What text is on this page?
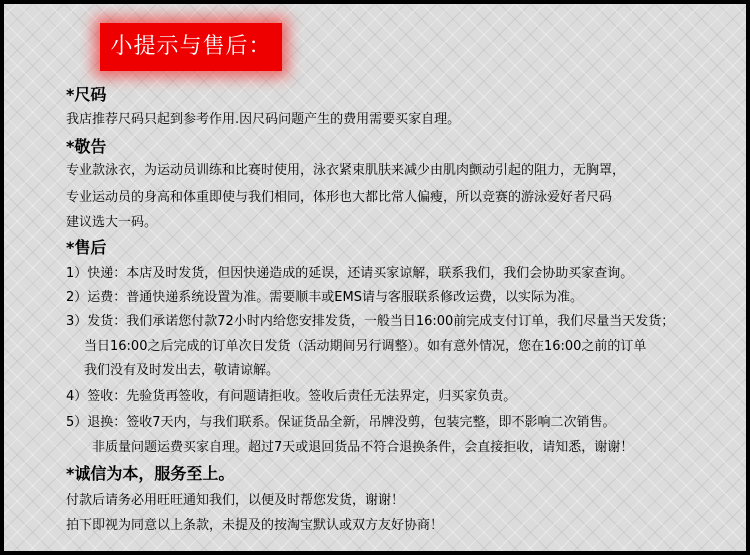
小提示与售后：
*尺码
我店推荐尺码只起到参考作用.因尺码问题产生的费用需要买家自理。
*敬告
专业款泳衣，为运动员训练和比赛时使用，泳衣紧束肌肤来减少由肌肉颤动引起的阻力，无胸罩，
专业运动员的身高和体重即使与我们相同，体形也大都比常人偏瘦，所以竞赛的游泳爱好者尺码
建议选大一码。
*售后
1）快递：本店及时发货，但因快递造成的延误，还请买家谅解，联系我们，我们会协助买家查询。
2）运费：普通快递系统设置为准。需要顺丰或EMS请与客服联系修改运费，以实际为准。
3）发货：我们承诺您付款72小时内给您安排发货，一般当日16:00前完成支付订单，我们尽量当天发货；
当日16:00之后完成的订单次日发货（活动期间另行调整）。如有意外情况，您在16:00之前的订单
我们没有及时发出去，敬请谅解。
4）签收：先验货再签收，有问题请拒收。签收后责任无法界定，归买家负责。
5）退换：签收7天内，与我们联系。保证货品全新，吊牌没剪，包装完整，即不影响二次销售。
非质量问题运费买家自理。超过7天或退回货品不符合退换条件，会直接拒收，请知悉，谢谢！
*诚信为本，服务至上。
付款后请务必用旺旺通知我们，以便及时帮您发货，谢谢！
拍下即视为同意以上条款，未提及的按淘宝默认或双方友好协商！
